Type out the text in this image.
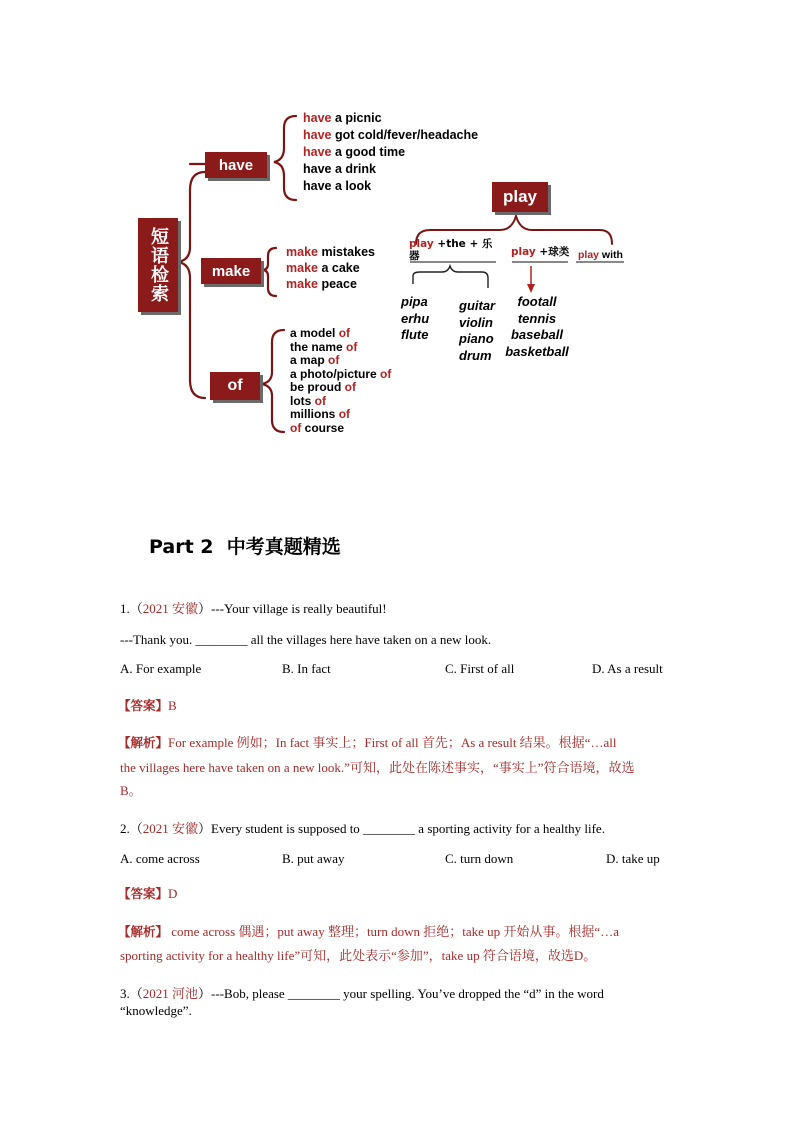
短语检索
have
have a picnic
have got cold/fever/headache
have a good time
have a drink
have a look
make
make mistakes
make a cake
make peace
of
a model of
the name of
a map of
a photo/picture of
be proud of
lots of
millions of
of course
play
play +the + 乐
器	play +球类 play with
pipa
erhu
flute
guitar
violin
piano
drum
footall
tennis
baseball
basketball
Part 2  中考真题精选

1.（2021 安徽）---Your village is really beautiful!

---Thank you. ________ all the villages here have taken on a new look.

A. For example	B. In fact	C. First of all	D. As a result

【答案】B

【解析】For example 例如；In fact 事实上；First of all 首先；As a result 结果。根据“…all

the villages here have taken on a new look.”可知，此处在陈述事实，“事实上”符合语境，故选

B。

2.（2021 安徽）Every student is supposed to ________ a sporting activity for a healthy life.

A. come across	B. put away	C. turn down	D. take up

【答案】D

【解析】 come across 偶遇；put away 整理；turn down 拒绝；take up 开始从事。根据“…a

sporting activity for a healthy life”可知，此处表示“参加”，take up 符合语境，故选D。

3.（2021 河池）---Bob, please ________ your spelling. You’ve dropped the “d” in the word

“knowledge”.
